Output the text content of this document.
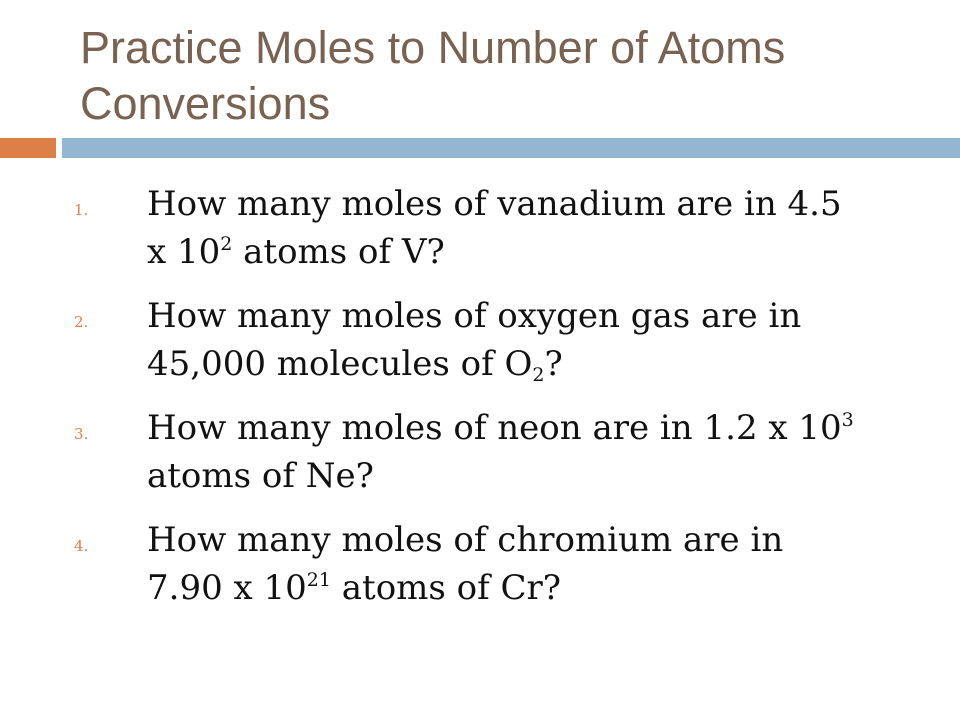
Practice Moles to Number of Atoms
Conversions
1. How many moles of vanadium are in 4.5
x $10^2$ atoms of V?
2. How many moles of oxygen gas are in
45,000 molecules of $O_2$?
3. How many moles of neon are in 1.2 x $10^3$
atoms of Ne?
4. How many moles of chromium are in
7.90 x $10^{21}$ atoms of Cr?
